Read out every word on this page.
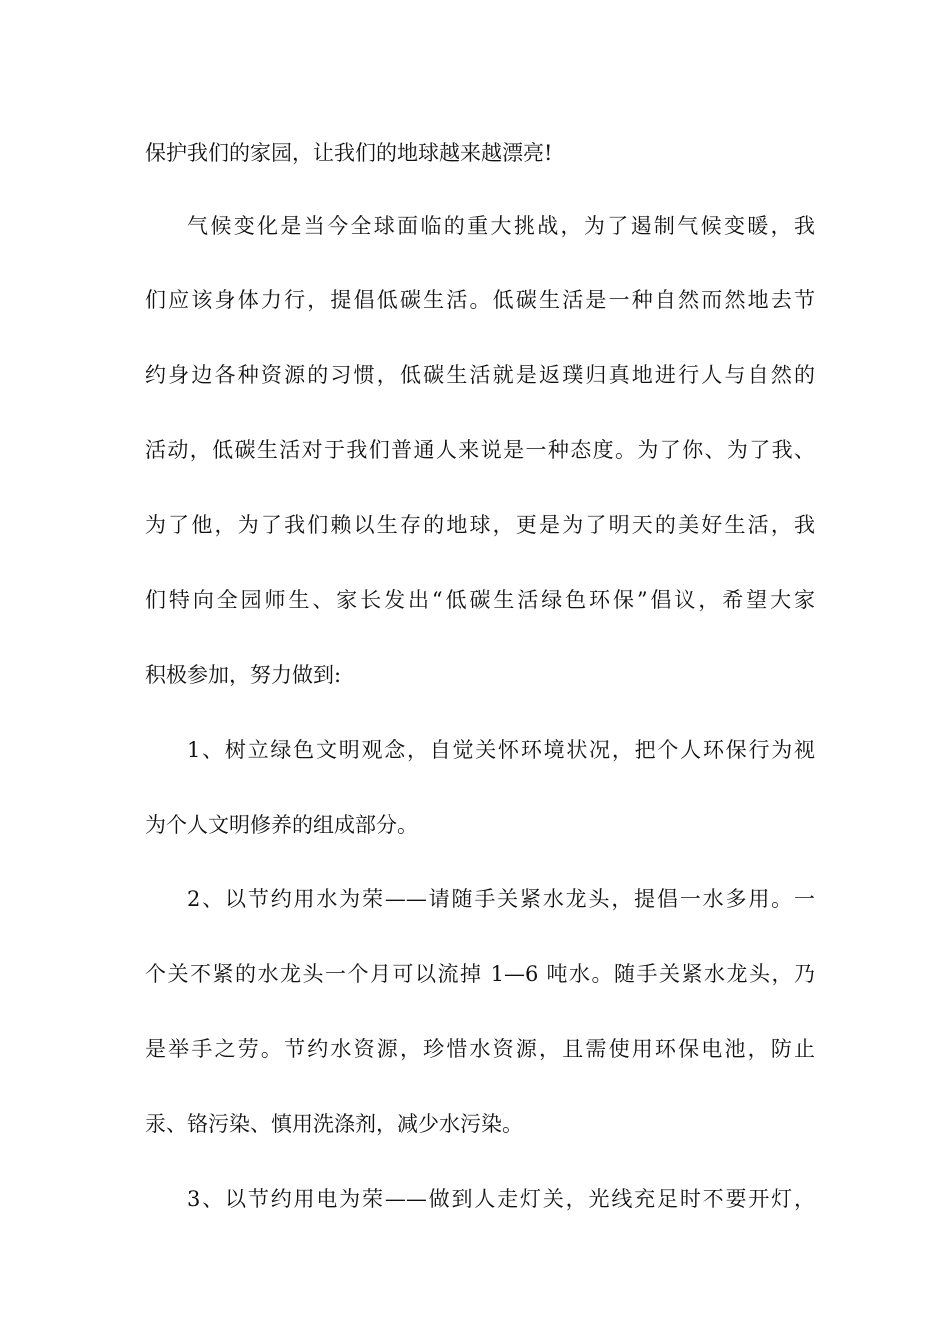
保护我们的家园，让我们的地球越来越漂亮!

气候变化是当今全球面临的重大挑战，为了遏制气候变暖，我

们应该身体力行，提倡低碳生活。低碳生活是一种自然而然地去节

约身边各种资源的习惯，低碳生活就是返璞归真地进行人与自然的

活动，低碳生活对于我们普通人来说是一种态度。为了你、为了我、

为了他，为了我们赖以生存的地球，更是为了明天的美好生活，我

们特向全园师生、家长发出“低碳生活绿色环保”倡议，希望大家

积极参加，努力做到:

1、树立绿色文明观念，自觉关怀环境状况，把个人环保行为视

为个人文明修养的组成部分。

2、以节约用水为荣——请随手关紧水龙头，提倡一水多用。一

个关不紧的水龙头一个月可以流掉 1—6 吨水。随手关紧水龙头，乃

是举手之劳。节约水资源，珍惜水资源，且需使用环保电池，防止

汞、铬污染、慎用洗涤剂，减少水污染。

3、以节约用电为荣——做到人走灯关，光线充足时不要开灯，
